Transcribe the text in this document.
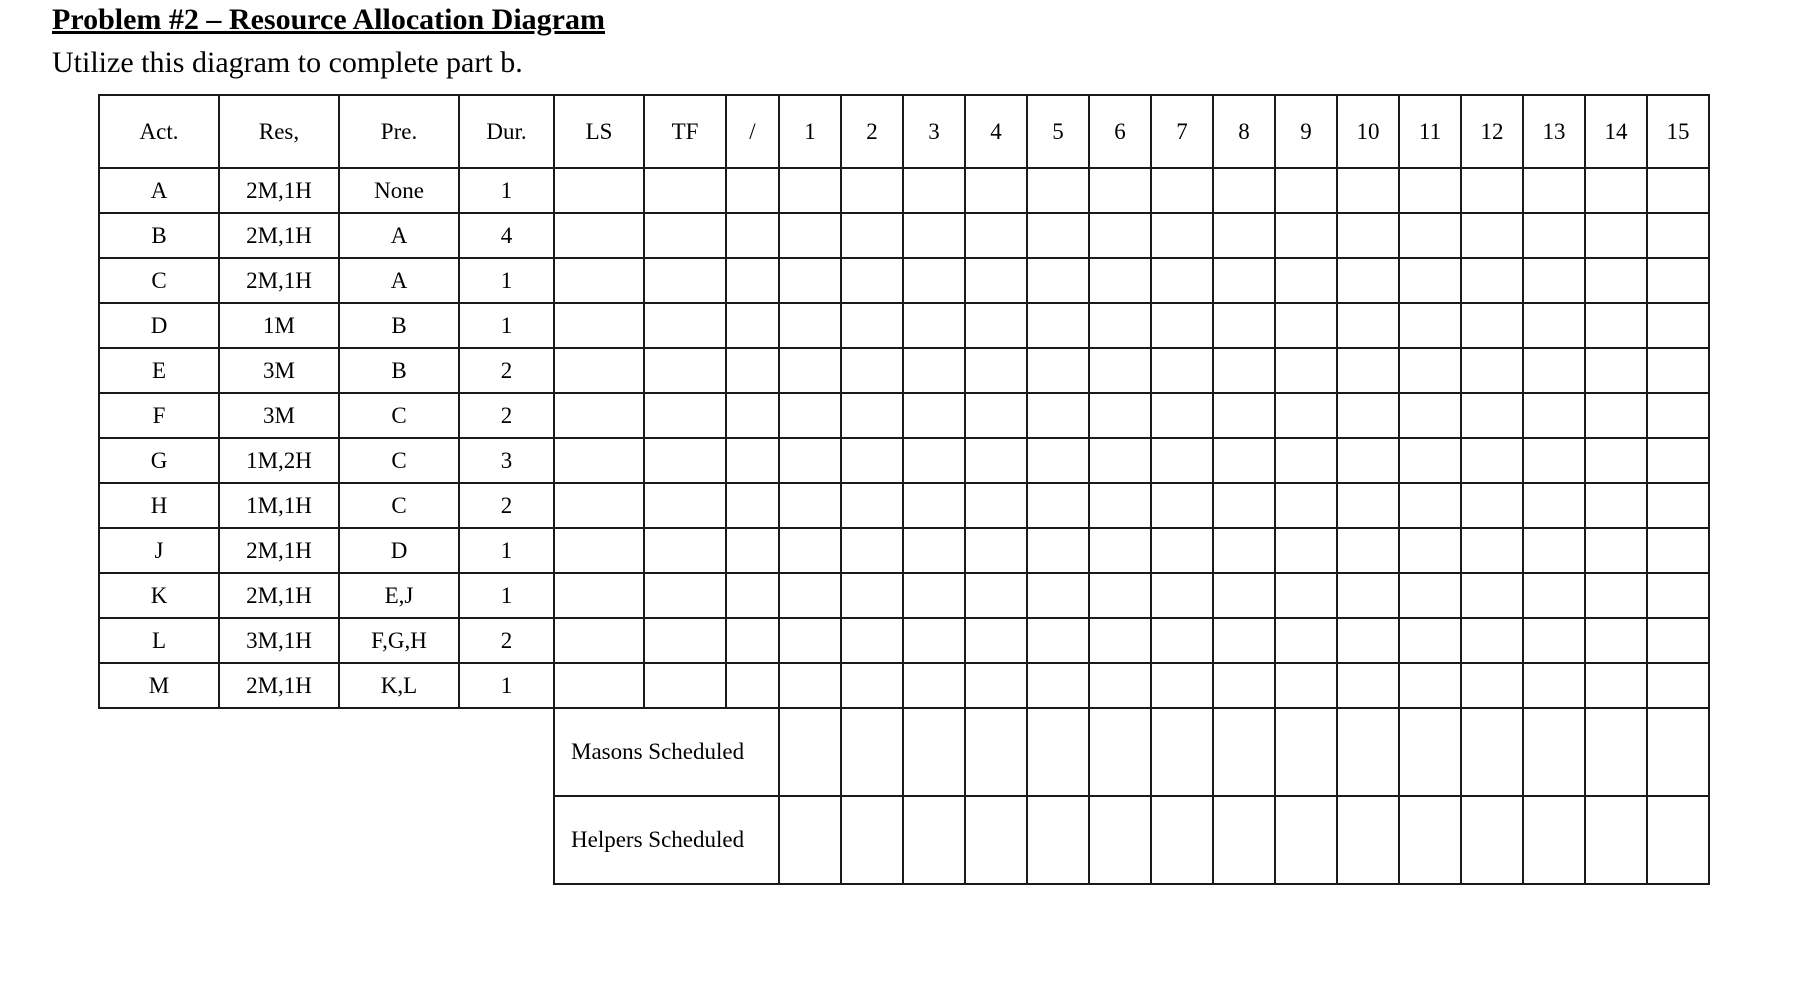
Problem #2 – Resource Allocation Diagram
Utilize this diagram to complete part b.
Act.	Res,	Pre.	Dur.	LS	TF	/	1	2	3	4	5	6	7	8	9	10	11	12	13	14	15
A	2M,1H	None	1																		
B	2M,1H	A	4																		
C	2M,1H	A	1																		
D	1M	B	1																		
E	3M	B	2																		
F	3M	C	2																		
G	1M,2H	C	3																		
H	1M,1H	C	2																		
J	2M,1H	D	1																		
K	2M,1H	E,J	1																		
L	3M,1H	F,G,H	2																		
M	2M,1H	K,L	1																		
				Masons Scheduled																	
				Helpers Scheduled																	
